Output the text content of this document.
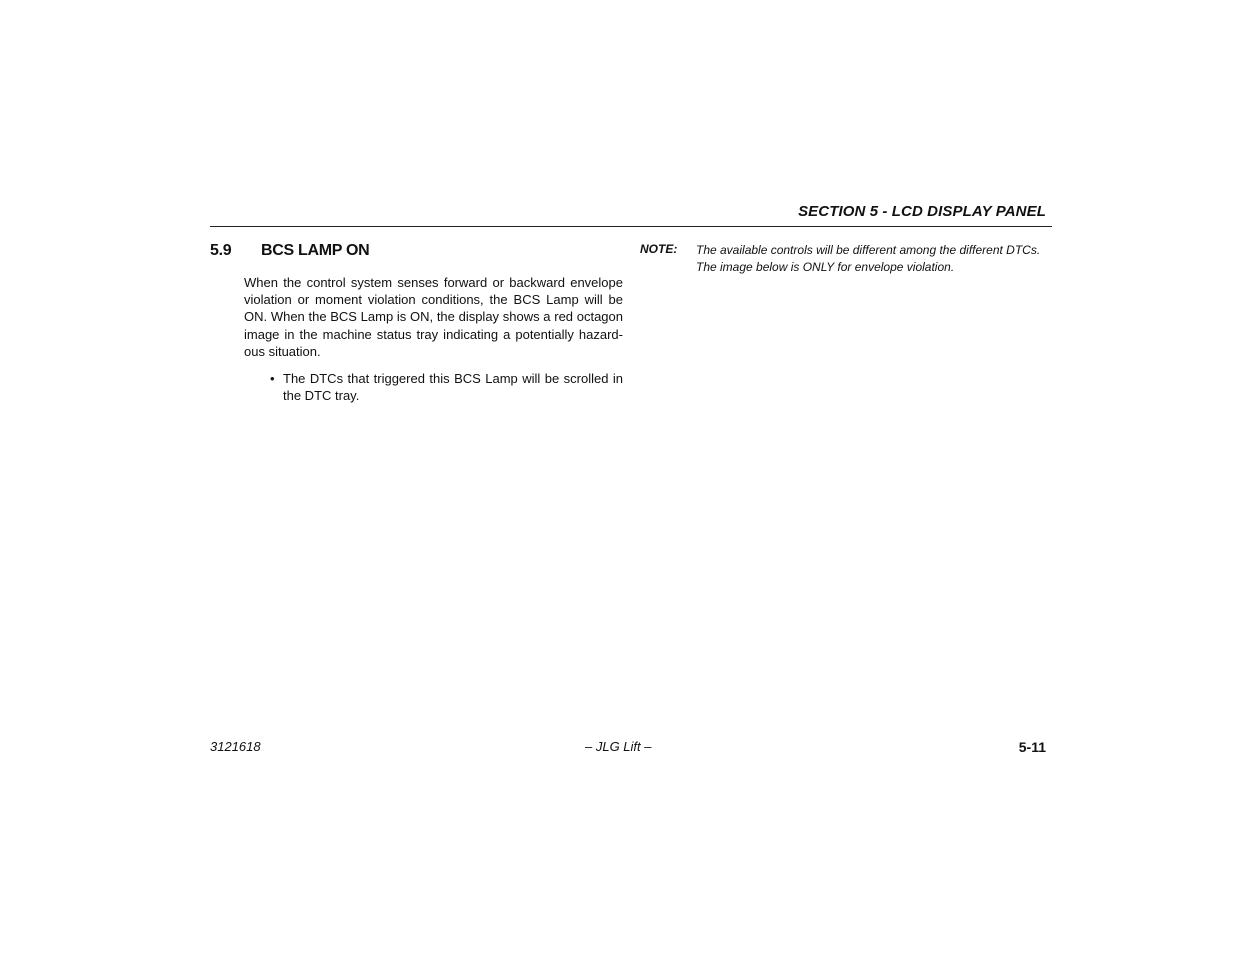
SECTION 5 - LCD DISPLAY PANEL
5.9 BCS LAMP ON
When the control system senses forward or backward envelope violation or moment violation conditions, the BCS Lamp will be ON. When the BCS Lamp is ON, the display shows a red octagon image in the machine status tray indicating a potentially hazard-ous situation.
• The DTCs that triggered this BCS Lamp will be scrolled in the DTC tray.
NOTE: The available controls will be different among the different DTCs. The image below is ONLY for envelope violation.
3121618	– JLG Lift –	5-11
